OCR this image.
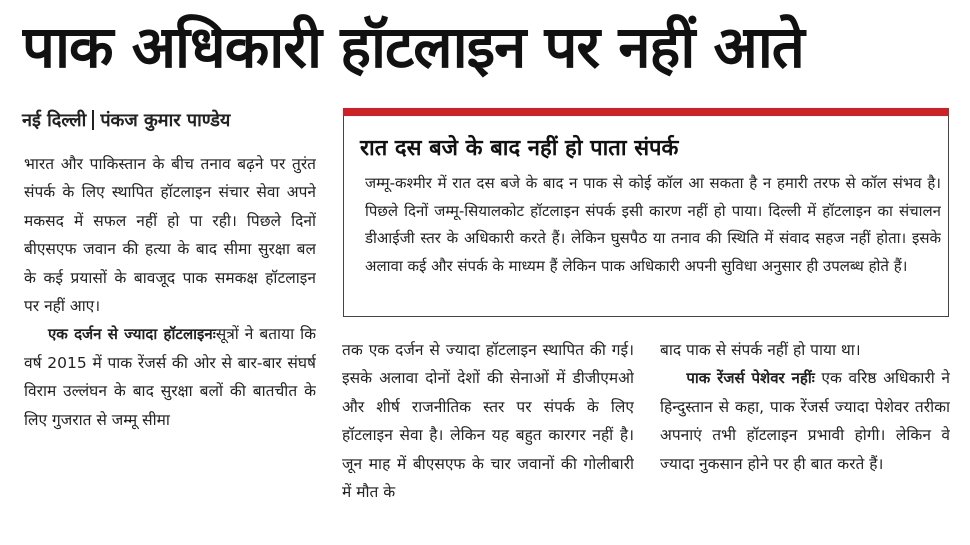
पाक अधिकारी हॉटलाइन पर नहीं आते
नई दिल्ली पंकज कुमार पाण्डेय

भारत और पाकिस्तान के बीच तनाव बढ़ने पर तुरंत संपर्क के लिए स्थापित हॉटलाइन संचार सेवा अपने मकसद में सफल नहीं हो पा रही। पिछले दिनों बीएसएफ जवान की हत्या के बाद सीमा सुरक्षा बल के कई प्रयासों के बावजूद पाक समकक्ष हॉटलाइन पर नहीं आए।

एक दर्जन से ज्यादा हॉटलाइनःसूत्रों ने बताया कि वर्ष 2015 में पाक रेंजर्स की ओर से बार-बार संघर्ष विराम उल्लंघन के बाद सुरक्षा बलों की बातचीत के लिए गुजरात से जम्मू सीमा

रात दस बजे के बाद नहीं हो पाता संपर्क

जम्मू-कश्मीर में रात दस बजे के बाद न पाक से कोई कॉल आ सकता है न हमारी तरफ से कॉल संभव है। पिछले दिनों जम्मू-सियालकोट हॉटलाइन संपर्क इसी कारण नहीं हो पाया। दिल्ली में हॉटलाइन का संचालन डीआईजी स्तर के अधिकारी करते हैं। लेकिन घुसपैठ या तनाव की स्थिति में संवाद सहज नहीं होता। इसके अलावा कई और संपर्क के माध्यम हैं लेकिन पाक अधिकारी अपनी सुविधा अनुसार ही उपलब्ध होते हैं।

तक एक दर्जन से ज्यादा हॉटलाइन स्थापित की गई। इसके अलावा दोनों देशों की सेनाओं में डीजीएमओ और शीर्ष राजनीतिक स्तर पर संपर्क के लिए हॉटलाइन सेवा है। लेकिन यह बहुत कारगर नहीं है। जून माह में बीएसएफ के चार जवानों की गोलीबारी में मौत के

बाद पाक से संपर्क नहीं हो पाया था।

पाक रेंजर्स पेशेवर नहींः एक वरिष्ठ अधिकारी ने हिन्दुस्तान से कहा, पाक रेंजर्स ज्यादा पेशेवर तरीका अपनाएं तभी हॉटलाइन प्रभावी होगी। लेकिन वे ज्यादा नुकसान होने पर ही बात करते हैं।
